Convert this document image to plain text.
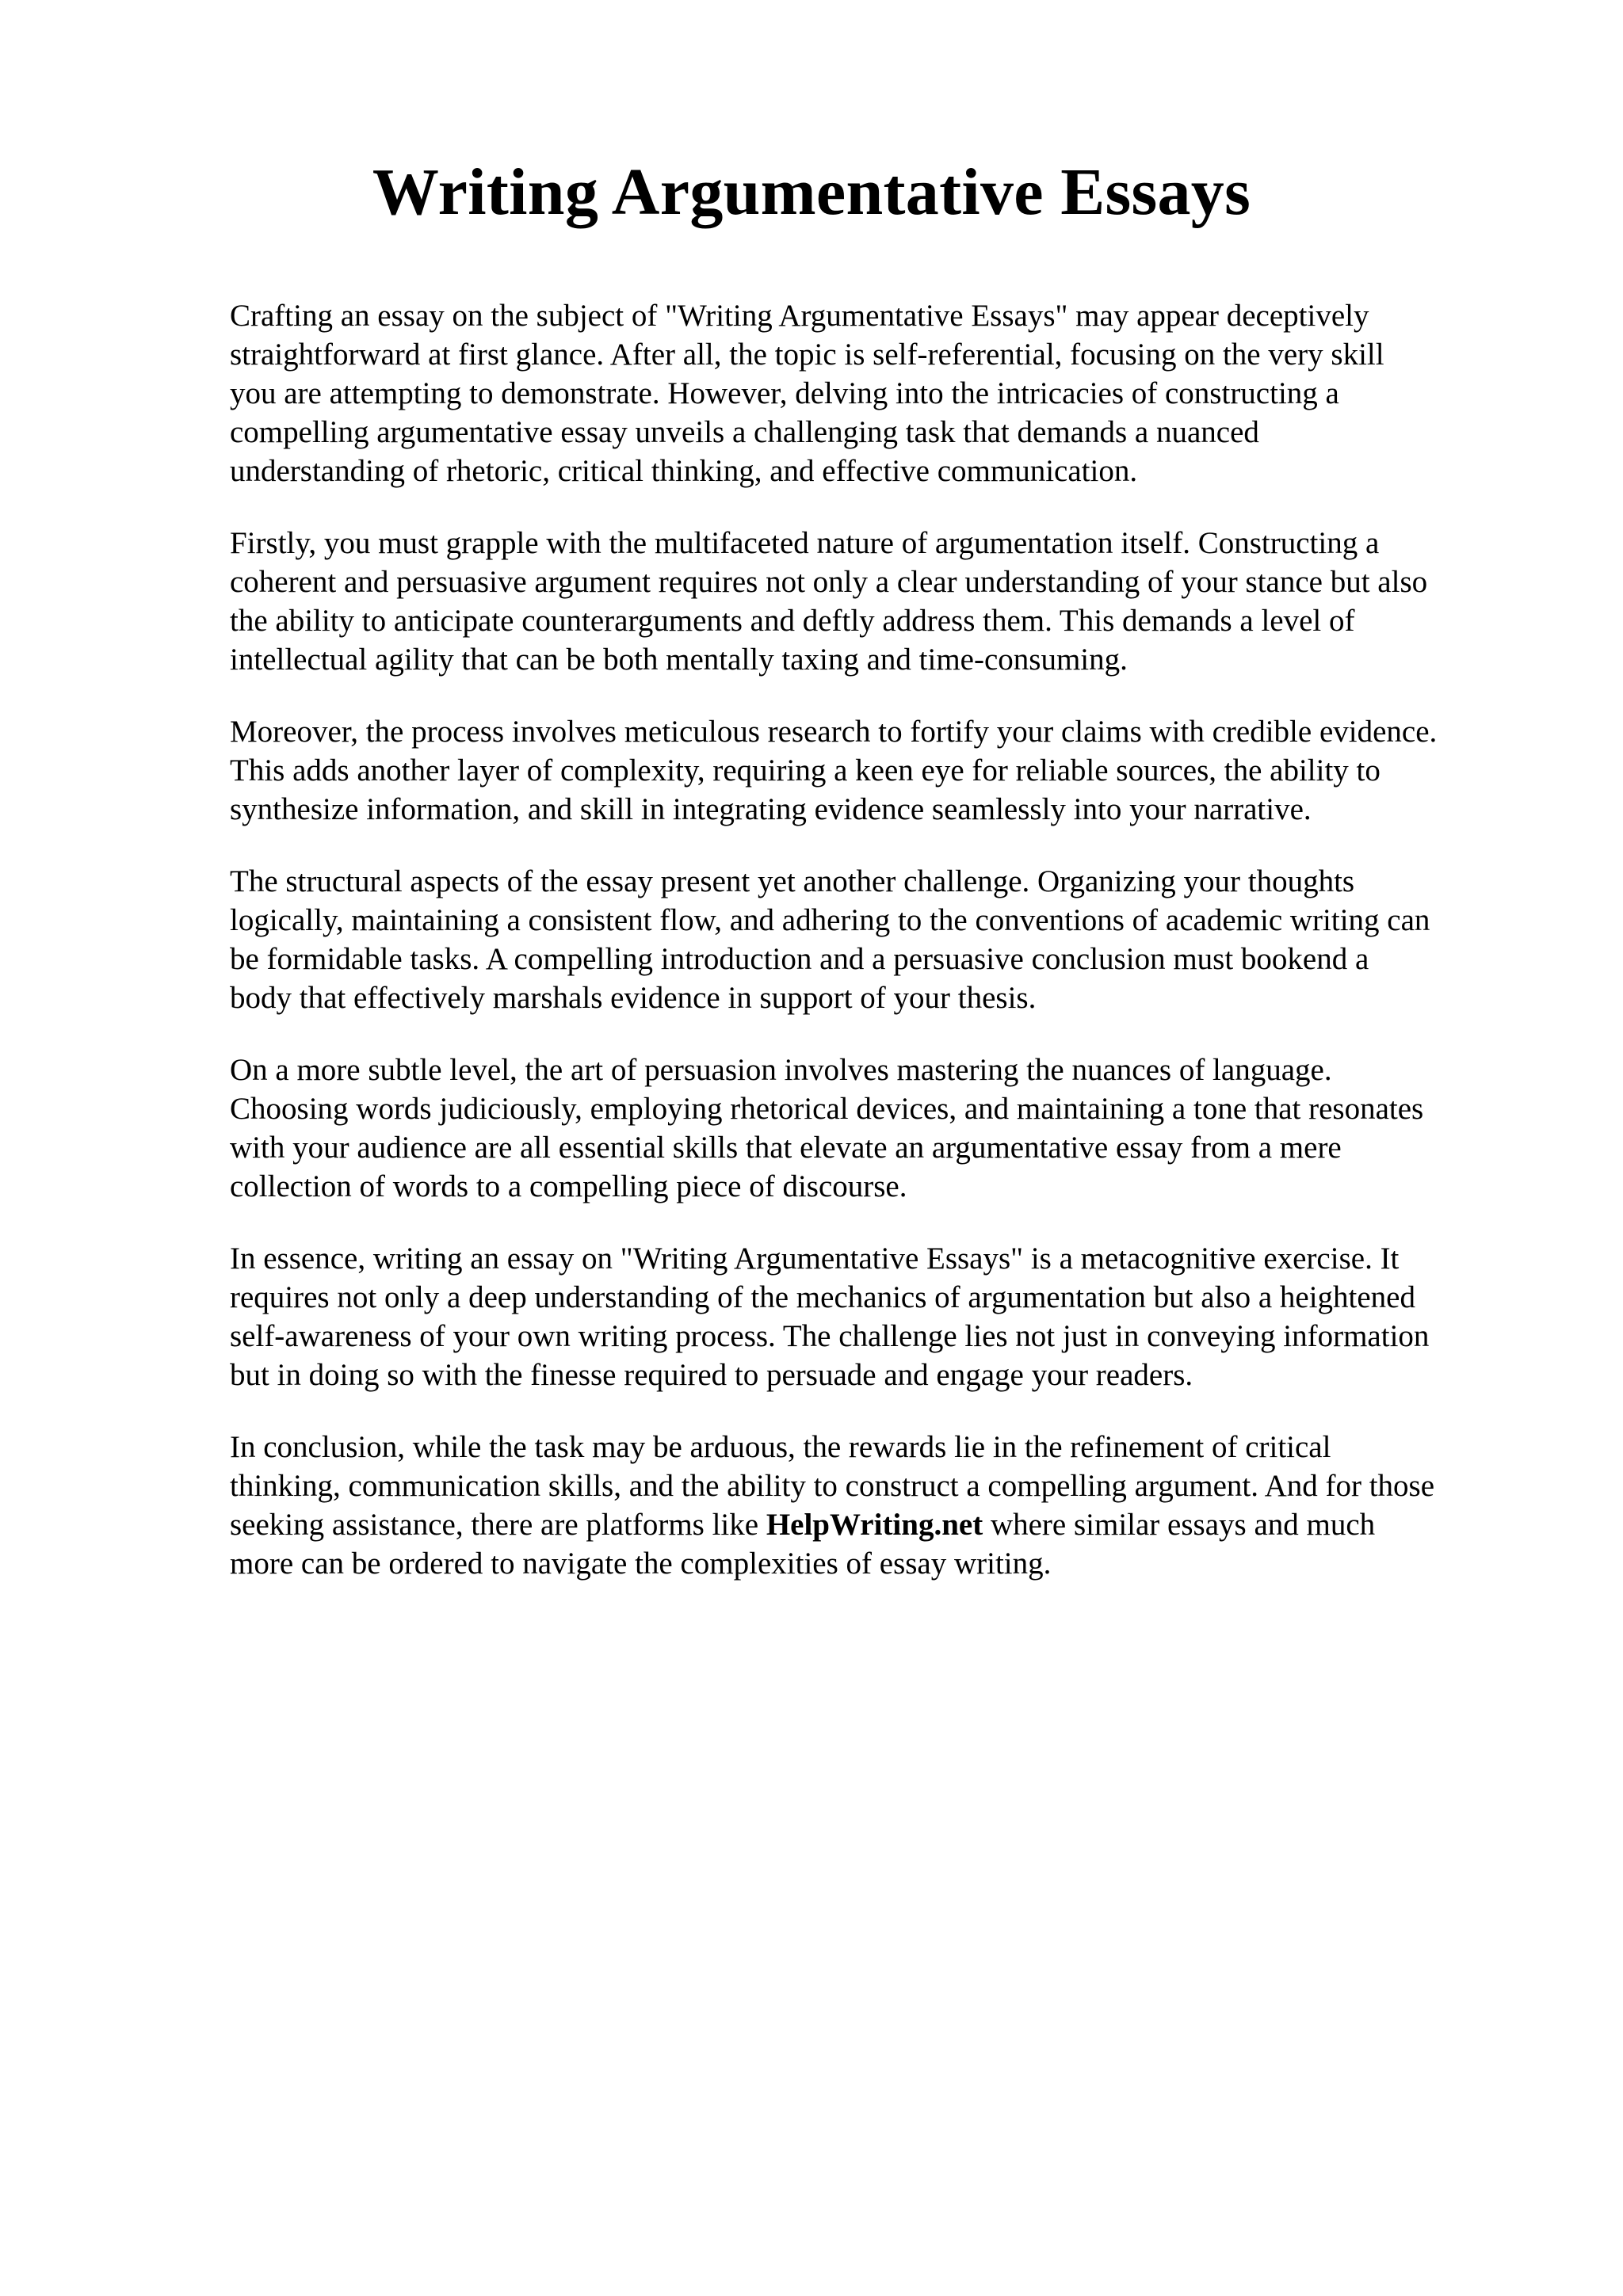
Writing Argumentative Essays

Crafting an essay on the subject of "Writing Argumentative Essays" may appear deceptively
straightforward at first glance. After all, the topic is self-referential, focusing on the very skill
you are attempting to demonstrate. However, delving into the intricacies of constructing a
compelling argumentative essay unveils a challenging task that demands a nuanced
understanding of rhetoric, critical thinking, and effective communication.

Firstly, you must grapple with the multifaceted nature of argumentation itself. Constructing a
coherent and persuasive argument requires not only a clear understanding of your stance but also
the ability to anticipate counterarguments and deftly address them. This demands a level of
intellectual agility that can be both mentally taxing and time-consuming.

Moreover, the process involves meticulous research to fortify your claims with credible evidence.
This adds another layer of complexity, requiring a keen eye for reliable sources, the ability to
synthesize information, and skill in integrating evidence seamlessly into your narrative.

The structural aspects of the essay present yet another challenge. Organizing your thoughts
logically, maintaining a consistent flow, and adhering to the conventions of academic writing can
be formidable tasks. A compelling introduction and a persuasive conclusion must bookend a
body that effectively marshals evidence in support of your thesis.

On a more subtle level, the art of persuasion involves mastering the nuances of language.
Choosing words judiciously, employing rhetorical devices, and maintaining a tone that resonates
with your audience are all essential skills that elevate an argumentative essay from a mere
collection of words to a compelling piece of discourse.

In essence, writing an essay on "Writing Argumentative Essays" is a metacognitive exercise. It
requires not only a deep understanding of the mechanics of argumentation but also a heightened
self-awareness of your own writing process. The challenge lies not just in conveying information
but in doing so with the finesse required to persuade and engage your readers.

In conclusion, while the task may be arduous, the rewards lie in the refinement of critical
thinking, communication skills, and the ability to construct a compelling argument. And for those
seeking assistance, there are platforms like HelpWriting.net where similar essays and much
more can be ordered to navigate the complexities of essay writing.
